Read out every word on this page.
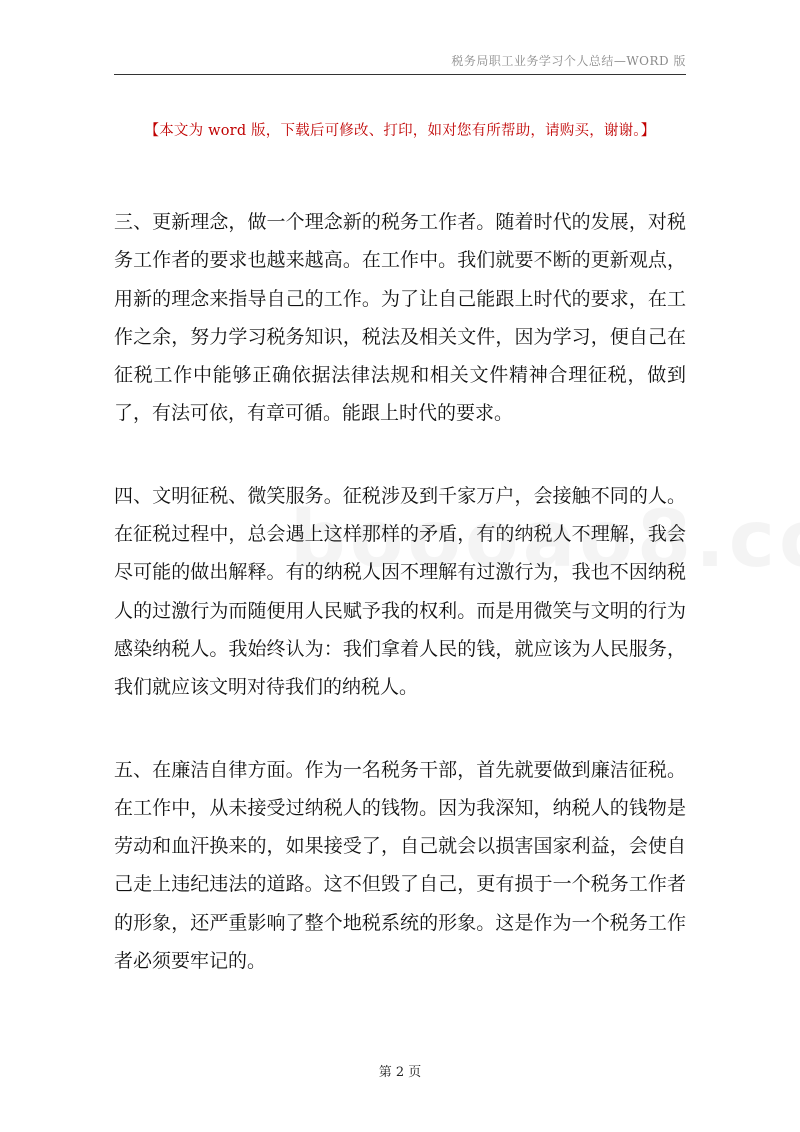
税务局职工业务学习个人总结—WORD 版
【本文为 word 版，下载后可修改、打印，如对您有所帮助，请购买，谢谢。】

三、更新理念，做一个理念新的税务工作者。随着时代的发展，对税务工作者的要求也越来越高。在工作中。我们就要不断的更新观点，用新的理念来指导自己的工作。为了让自己能跟上时代的要求，在工作之余，努力学习税务知识，税法及相关文件，因为学习，便自己在征税工作中能够正确依据法律法规和相关文件精神合理征税，做到了，有法可依，有章可循。能跟上时代的要求。

四、文明征税、微笑服务。征税涉及到千家万户，会接触不同的人。在征税过程中，总会遇上这样那样的矛盾，有的纳税人不理解，我会尽可能的做出解释。有的纳税人因不理解有过激行为，我也不因纳税人的过激行为而随便用人民赋予我的权利。而是用微笑与文明的行为感染纳税人。我始终认为：我们拿着人民的钱，就应该为人民服务，我们就应该文明对待我们的纳税人。

五、在廉洁自律方面。作为一名税务干部，首先就要做到廉洁征税。在工作中，从未接受过纳税人的钱物。因为我深知，纳税人的钱物是劳动和血汗换来的，如果接受了，自己就会以损害国家利益，会使自己走上违纪违法的道路。这不但毁了自己，更有损于一个税务工作者的形象，还严重影响了整个地税系统的形象。这是作为一个税务工作者必须要牢记的。

第 2 页
